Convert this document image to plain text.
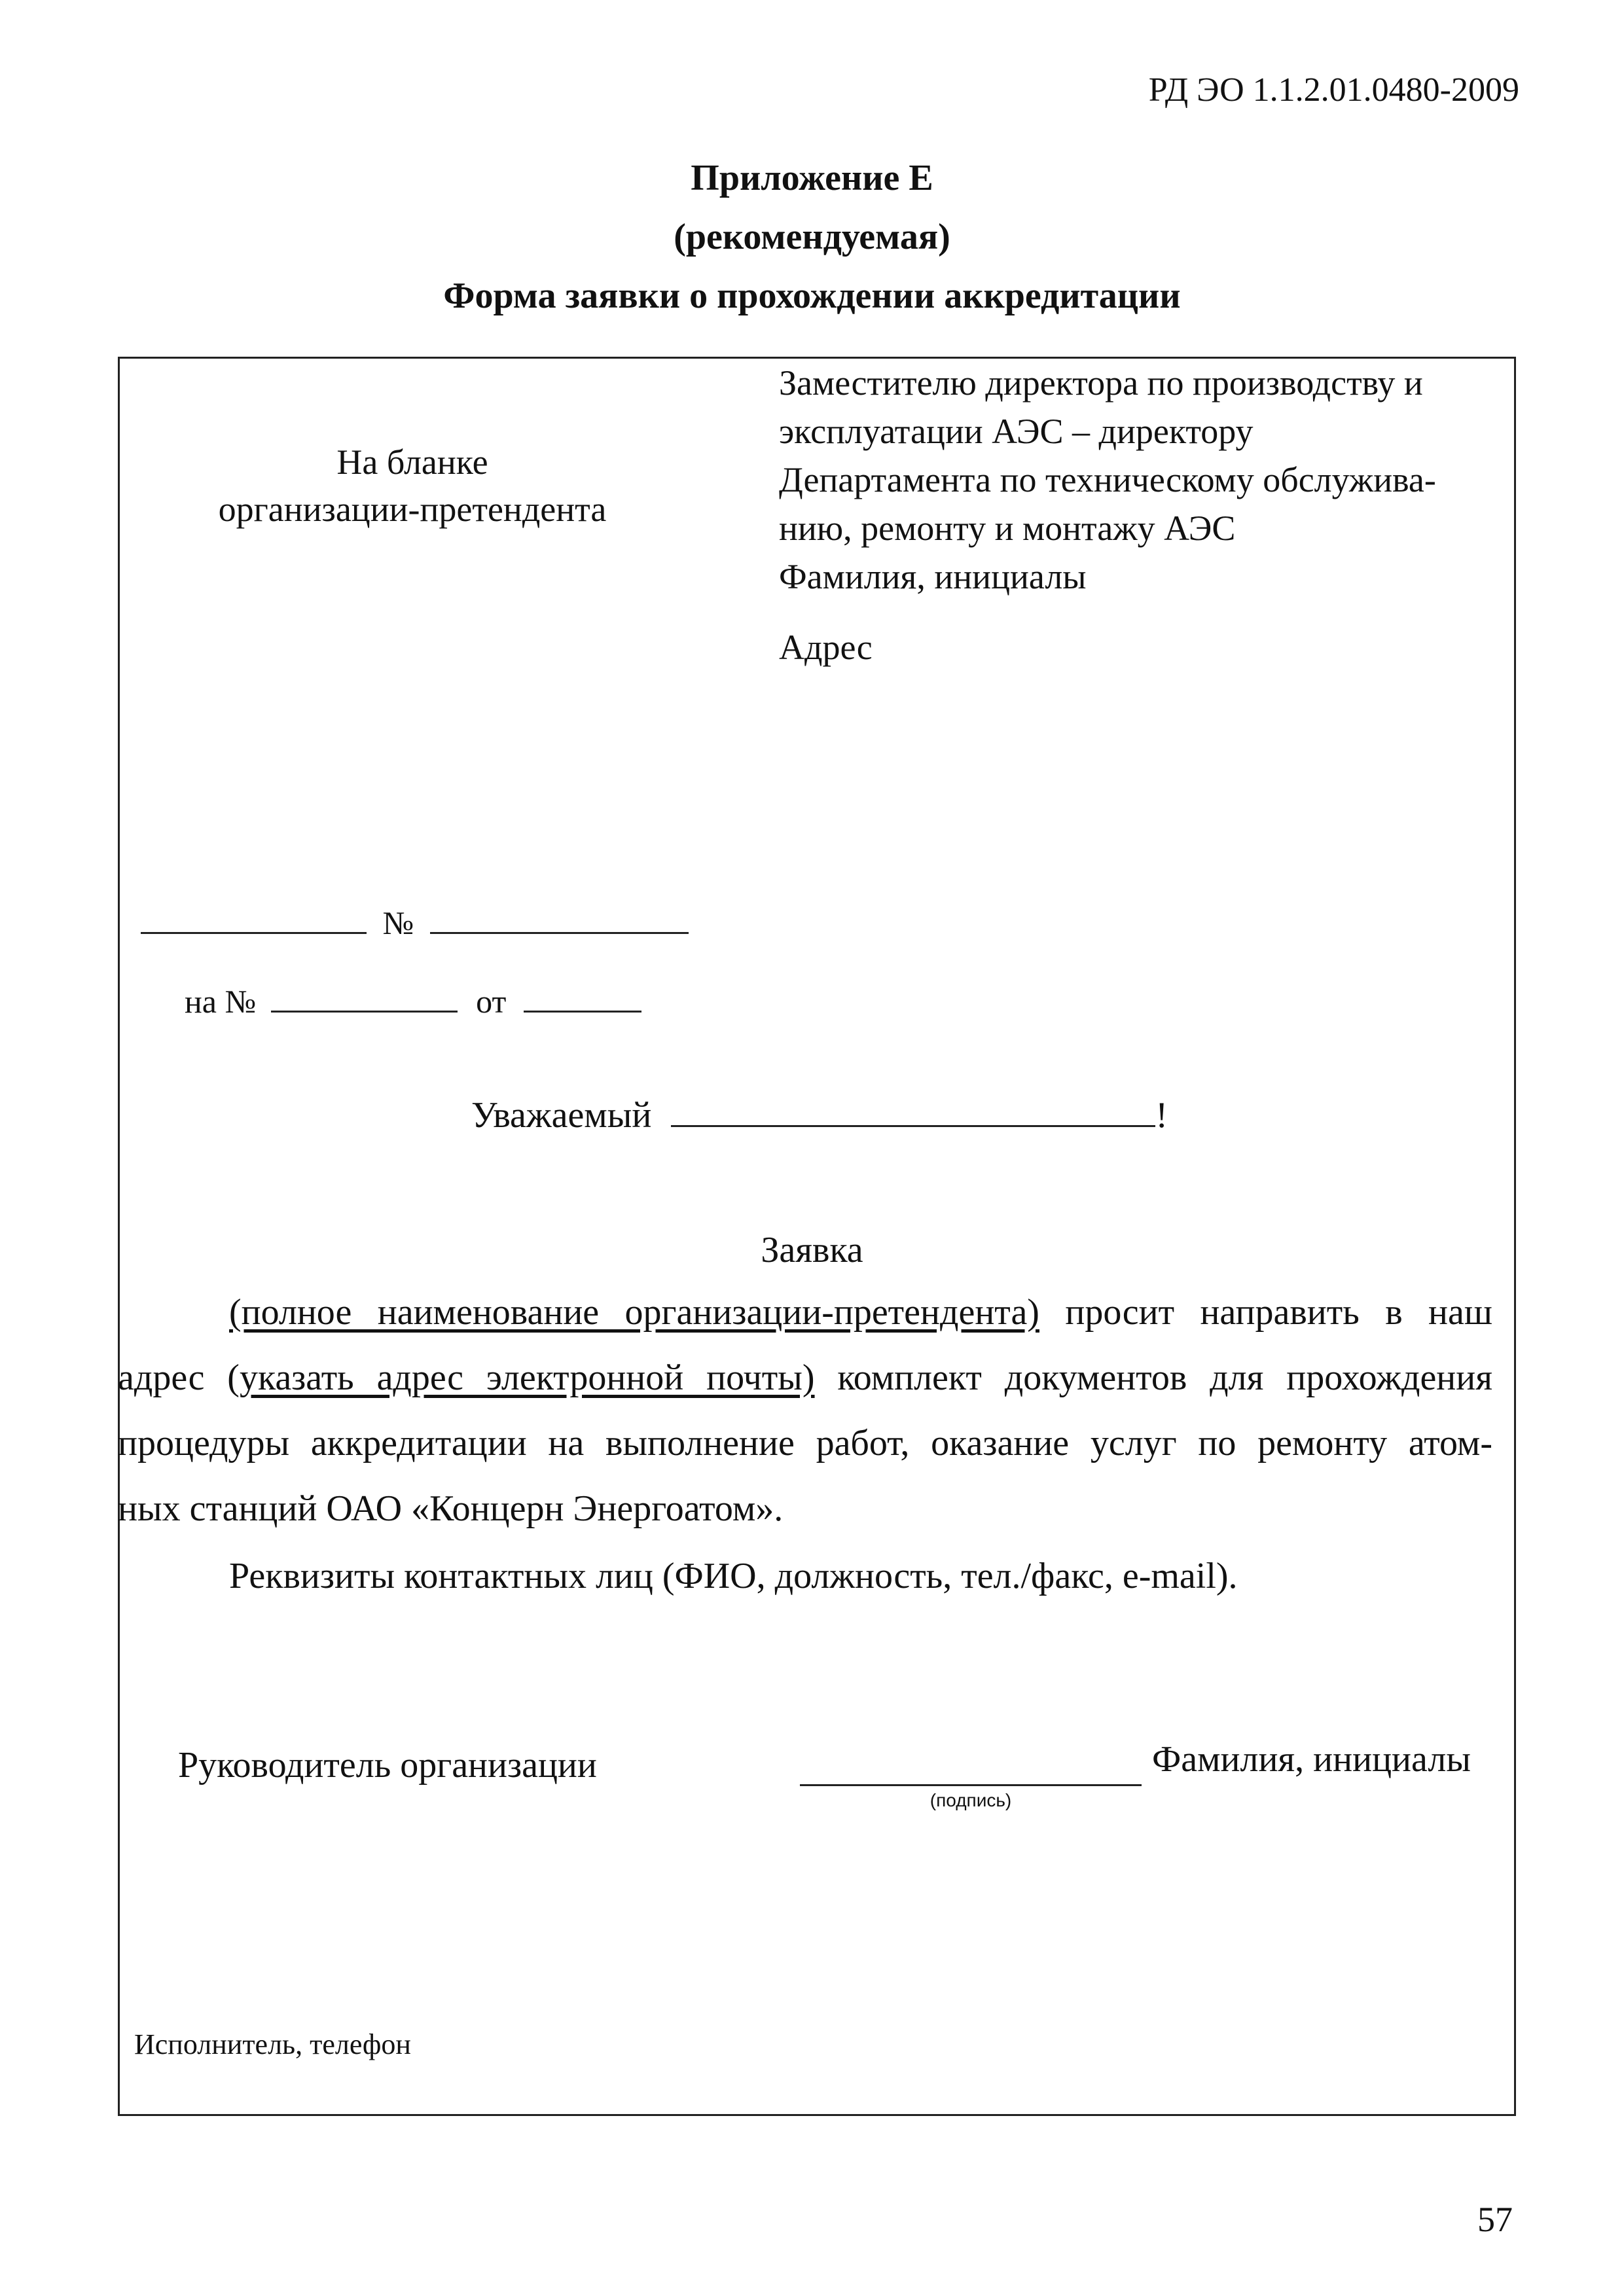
РД ЭО 1.1.2.01.0480-2009
Приложение Е
(рекомендуемая)
Форма заявки о прохождении аккредитации
На бланке
организации-претендента
Заместителю директора по производству и
эксплуатации АЭС – директору
Департамента по техническому обслужива-
нию, ремонту и монтажу АЭС
Фамилия, инициалы
Адрес
№
на №	от
Уважаемый	!
Заявка
(полное наименование организации-претендента) просит направить в наш
адрес (указать адрес электронной почты) комплект документов для прохождения
процедуры аккредитации на выполнение работ, оказание услуг по ремонту атом-
ных станций ОАО «Концерн Энергоатом».
Реквизиты контактных лиц (ФИО, должность, тел./факс, e-mail).
Руководитель организации
(подпись)
Фамилия, инициалы
Исполнитель, телефон
57
